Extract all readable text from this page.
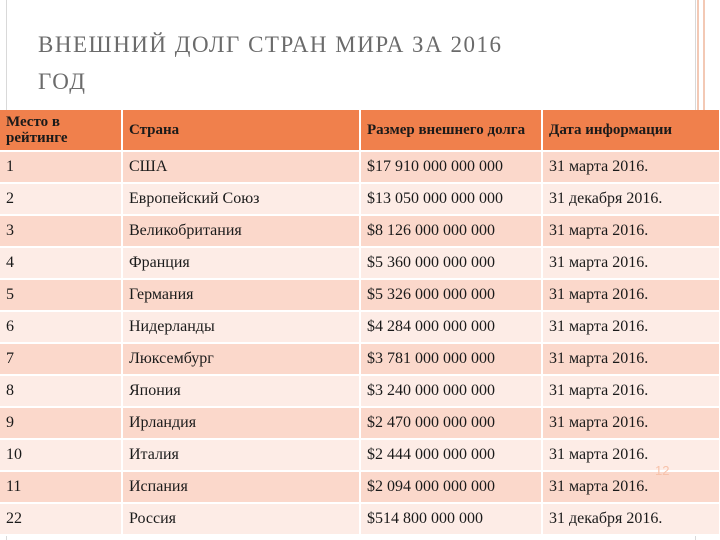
ВНЕШНИЙ ДОЛГ СТРАН МИРА ЗА 2016
ГОД
Место в рейтинге	Страна	Размер внешнего долга	Дата информации
1	США	$17 910 000 000 000	31 марта 2016.
2	Европейский Союз	$13 050 000 000 000	31 декабря 2016.
3	Великобритания	$8 126 000 000 000	31 марта 2016.
4	Франция	$5 360 000 000 000	31 марта 2016.
5	Германия	$5 326 000 000 000	31 марта 2016.
6	Нидерланды	$4 284 000 000 000	31 марта 2016.
7	Люксембург	$3 781 000 000 000	31 марта 2016.
8	Япония	$3 240 000 000 000	31 марта 2016.
9	Ирландия	$2 470 000 000 000	31 марта 2016.
10	Италия	$2 444 000 000 000	31 марта 2016.
11	Испания	$2 094 000 000 000	31 марта 2016.
22	Россия	$514 800 000 000	31 декабря 2016.
12
